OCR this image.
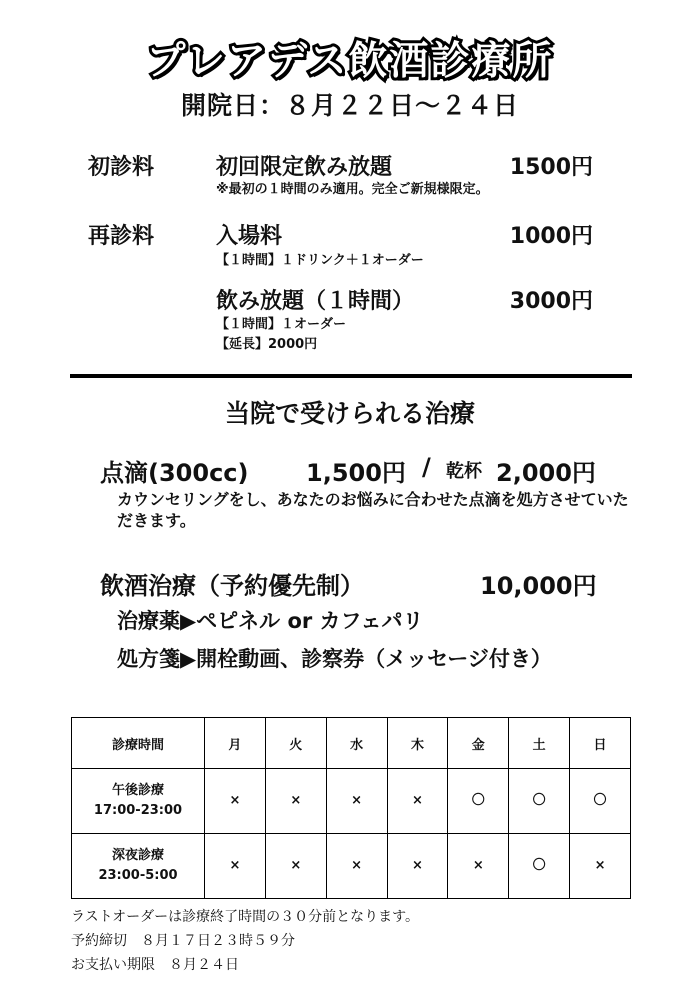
プレアデス飲酒診療所
開院日：８月２２日～２４日
初診料	初回限定飲み放題	1500円
※最初の１時間のみ適用。完全ご新規様限定。
再診料	入場料	1000円
【１時間】１ドリンク＋１オーダー
飲み放題（１時間）	3000円
【１時間】１オーダー
【延長】2000円
当院で受けられる治療
点滴(300cc) 1,500円 / 乾杯 2,000円
カウンセリングをし、あなたのお悩みに合わせた点滴を処方させていただきます。
飲酒治療（予約優先制）	10,000円
治療薬▶ペピネル or カフェパリ
処方箋▶開栓動画、診察券（メッセージ付き）
診療時間	月	火	水	木	金	土	日

午後診療
17:00-23:00	×	×	×	×	〇	〇	〇

深夜診療
23:00-5:00	×	×	×	×	×	〇	×
ラストオーダーは診療終了時間の３０分前となります。
予約締切　８月１７日２３時５９分
お支払い期限　８月２４日
